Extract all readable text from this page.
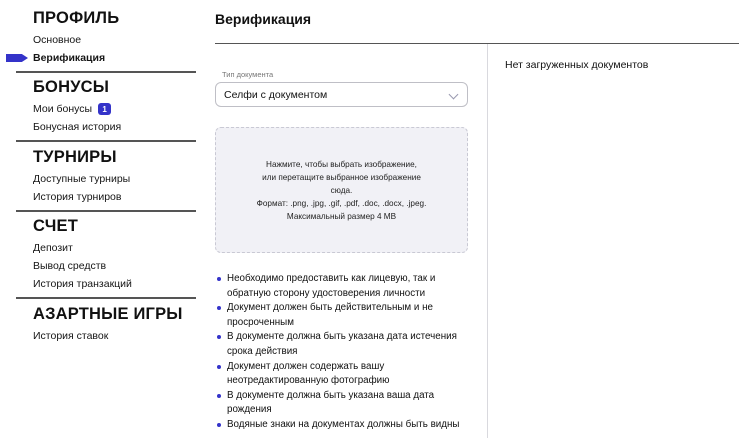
ПРОФИЛЬ
Основное
Верификация
БОНУСЫ
Мои бонусы	1
Бонусная история
ТУРНИРЫ
Доступные турниры
История турниров
СЧЕТ
Депозит
Вывод средств
История транзакций
АЗАРТНЫЕ ИГРЫ
История ставок
Верификация
Тип документа
Селфи с документом
Нажмите, чтобы выбрать изображение,
или перетащите выбранное изображение
сюда.
Формат: .png, .jpg, .gif, .pdf, .doc, .docx, .jpeg.
Максимальный размер 4 MB
Необходимо предоставить как лицевую, так и обратную сторону удостоверения личности
Документ должен быть действительным и не просроченным
В документе должна быть указана дата истечения срока действия
Документ должен содержать вашу неотредактированную фотографию
В документе должна быть указана ваша дата рождения
Водяные знаки на документах должны быть видны
Нет загруженных документов
